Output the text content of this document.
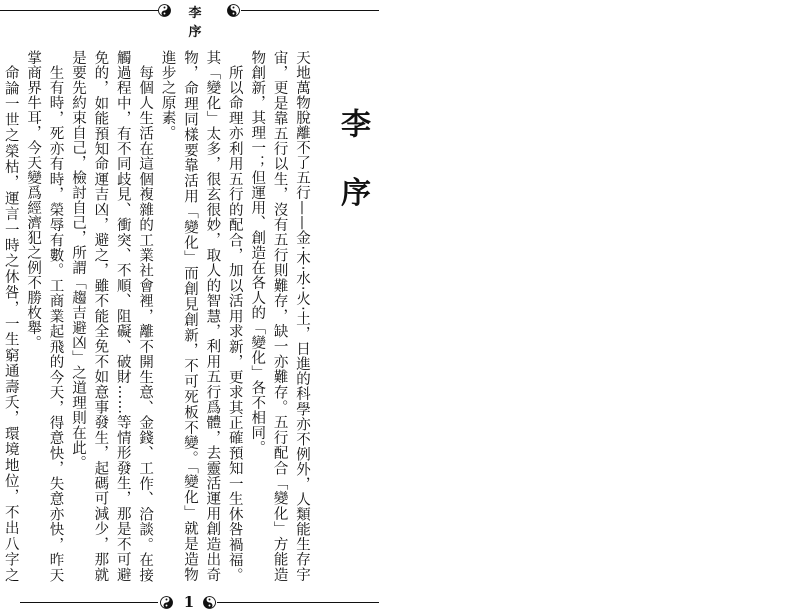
李 序
李 序

天地萬物脫離不了五行——金‧木‧水‧火‧土，日進的科學亦不例外，人類能生存宇宙，更是靠五行以生，沒有五行則難存，缺一亦難存。五行配合「變化」方能造物創新，其理一；但運用、創造在各人的「變化」各不相同。

所以命理亦利用五行的配合，加以活用求新，更求其正確預知一生休咎禍福。其「變化」太多，很玄很妙，取人的智慧，利用五行爲體，去靈活運用創造出奇物，命理同樣要靠活用「變化」而創見創新，不可死板不變。「變化」就是造物進步之原素。

每個人生活在這個複雜的工業社會裡，離不開生意、金錢、工作、洽談。在接觸過程中，有不同歧見、衝突、不順、阻礙、破財……等情形發生，那是不可避免的，如能預知命運吉凶，避之，雖不能全免不如意事發生，起碼可減少，那就是要先約束自己，檢討自己，所謂「趨吉避凶」之道理則在此。

生有時，死亦有時，榮辱有數。工商業起飛的今天，得意快，失意亦快，昨天掌商界牛耳，今天變爲經濟犯之例不勝枚舉。

命論一世之榮枯，運言一時之休咎，一生窮通壽夭，環境地位，不出八字之

1
